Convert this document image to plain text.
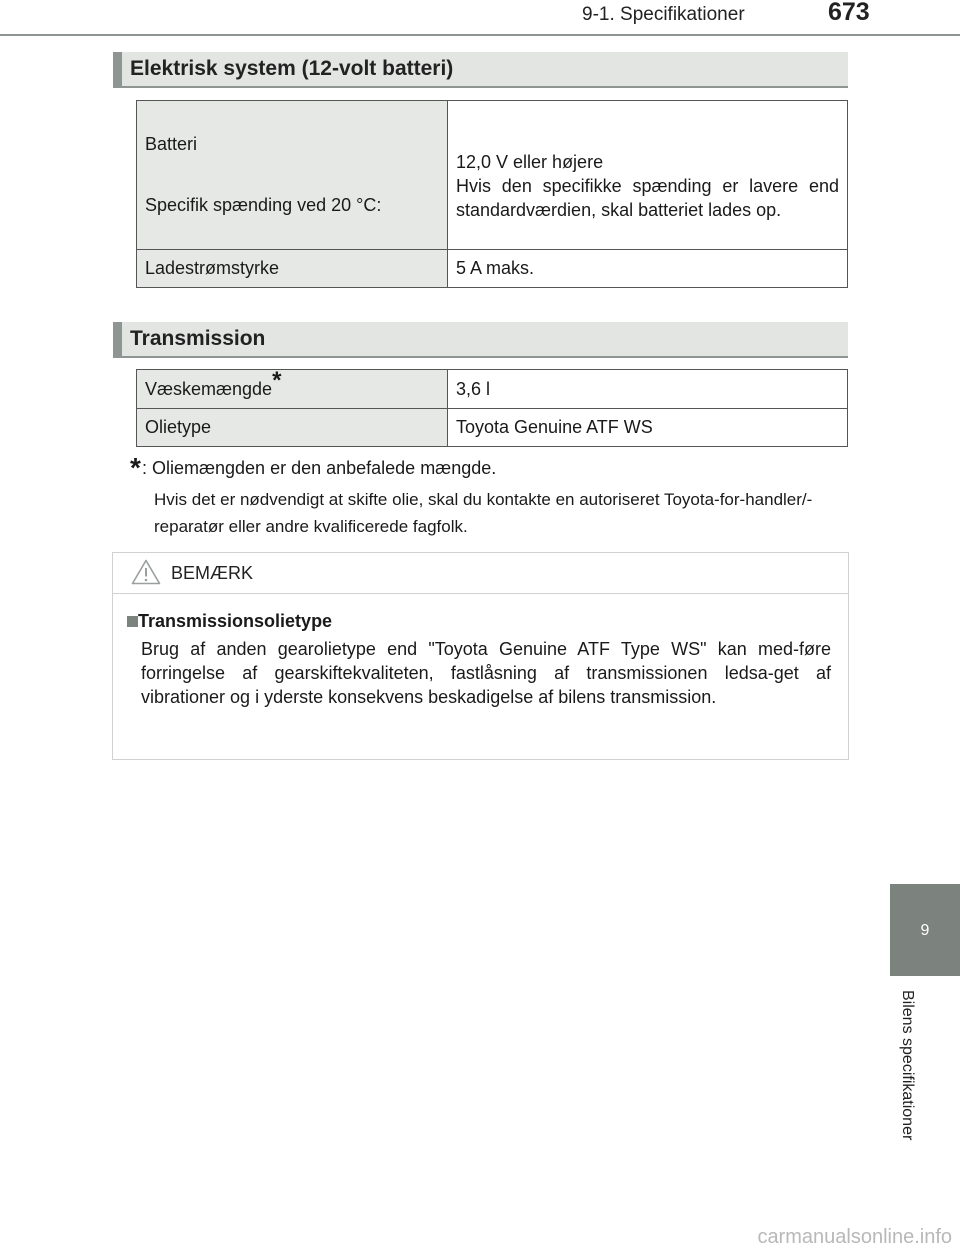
9-1. Specifikationer	673
9
Bilens specifikationer
Elektrisk system (12-volt batteri)
Batteri
Specifik spænding ved 20 °C:	12,0 V eller højere
Hvis den specifikke spænding er lavere end standardværdien, skal batteriet lades op.
Ladestrømstyrke	5 A maks.
Transmission
Væskemængde*	3,6 l
Olietype	Toyota Genuine ATF WS
* : Oliemængden er den anbefalede mængde.
Hvis det er nødvendigt at skifte olie, skal du kontakte en autoriseret Toyota-for-handler/-reparatør eller andre kvalificerede fagfolk.
BEMÆRK
Transmissionsolietype
Brug af anden gearolietype end "Toyota Genuine ATF Type WS" kan med-føre forringelse af gearskiftekvaliteten, fastlåsning af transmissionen ledsa-get af vibrationer og i yderste konsekvens beskadigelse af bilens transmission.
carmanualsonline.info
